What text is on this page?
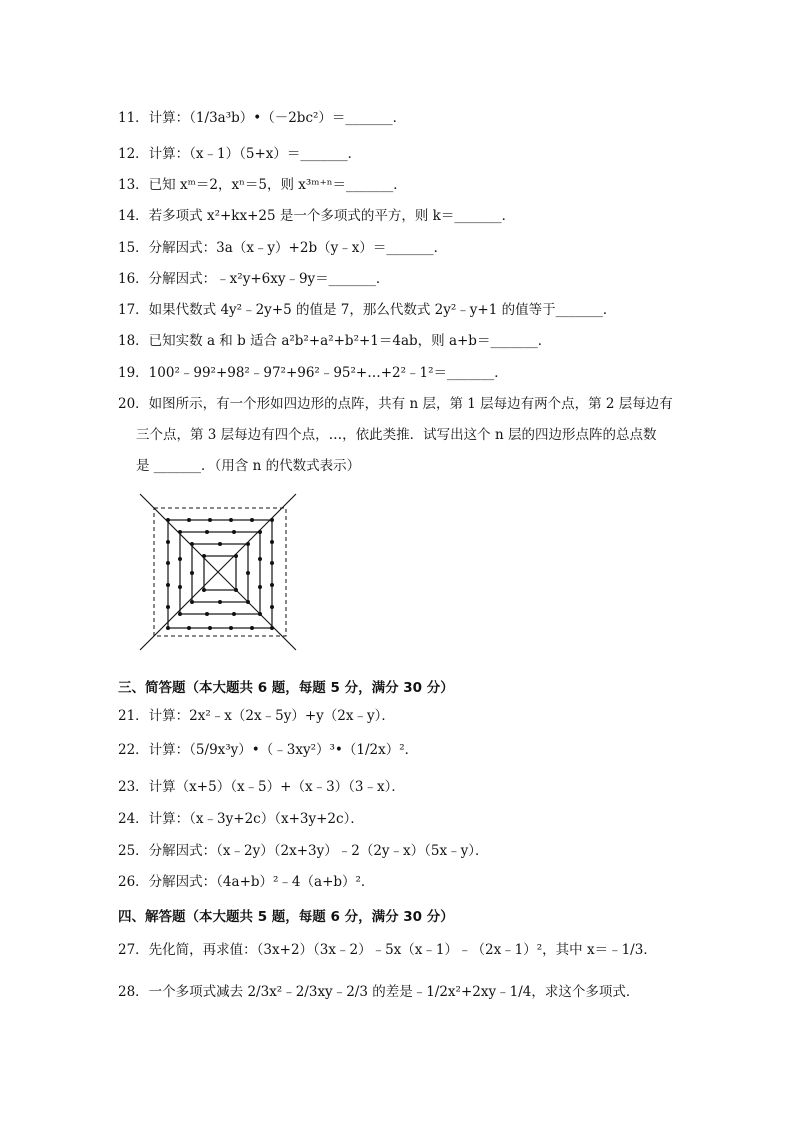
11．计算：（1/3a³b）•（－2bc²）＝_______．
12．计算：（x﹣1）（5+x）＝_______．
13．已知 xᵐ＝2，xⁿ＝5，则 x³ᵐ⁺ⁿ＝_______．
14．若多项式 x²+kx+25 是一个多项式的平方，则 k＝_______．
15．分解因式：3a（x﹣y）+2b（y﹣x）＝_______．
16．分解因式：﹣x²y+6xy﹣9y＝_______．
17．如果代数式 4y²﹣2y+5 的值是 7，那么代数式 2y²﹣y+1 的值等于_______．
18．已知实数 a 和 b 适合 a²b²+a²+b²+1＝4ab，则 a+b＝_______．
19．100²﹣99²+98²﹣97²+96²﹣95²+…+2²﹣1²＝_______．
20．如图所示，有一个形如四边形的点阵，共有 n 层，第 1 层每边有两个点，第 2 层每边有
三个点，第 3 层每边有四个点，…，依此类推．试写出这个 n 层的四边形点阵的总点数
是 _______．（用含 n 的代数式表示）
三、简答题（本大题共 6 题，每题 5 分，满分 30 分）
21．计算：2x²﹣x（2x﹣5y）+y（2x﹣y）．
22．计算：（5/9x³y）•（﹣3xy²）³•（1/2x）²．
23．计算（x+5）（x﹣5）+（x﹣3）（3﹣x）．
24．计算：（x﹣3y+2c）（x+3y+2c）．
25．分解因式：（x﹣2y）（2x+3y）﹣2（2y﹣x）（5x﹣y）．
26．分解因式：（4a+b）²﹣4（a+b）²．
四、解答题（本大题共 5 题，每题 6 分，满分 30 分）
27．先化简，再求值：（3x+2）（3x﹣2）﹣5x（x﹣1）﹣（2x﹣1）²，其中 x＝﹣1/3．
28．一个多项式减去 2/3x²﹣2/3xy﹣2/3 的差是﹣1/2x²+2xy﹣1/4，求这个多项式．
